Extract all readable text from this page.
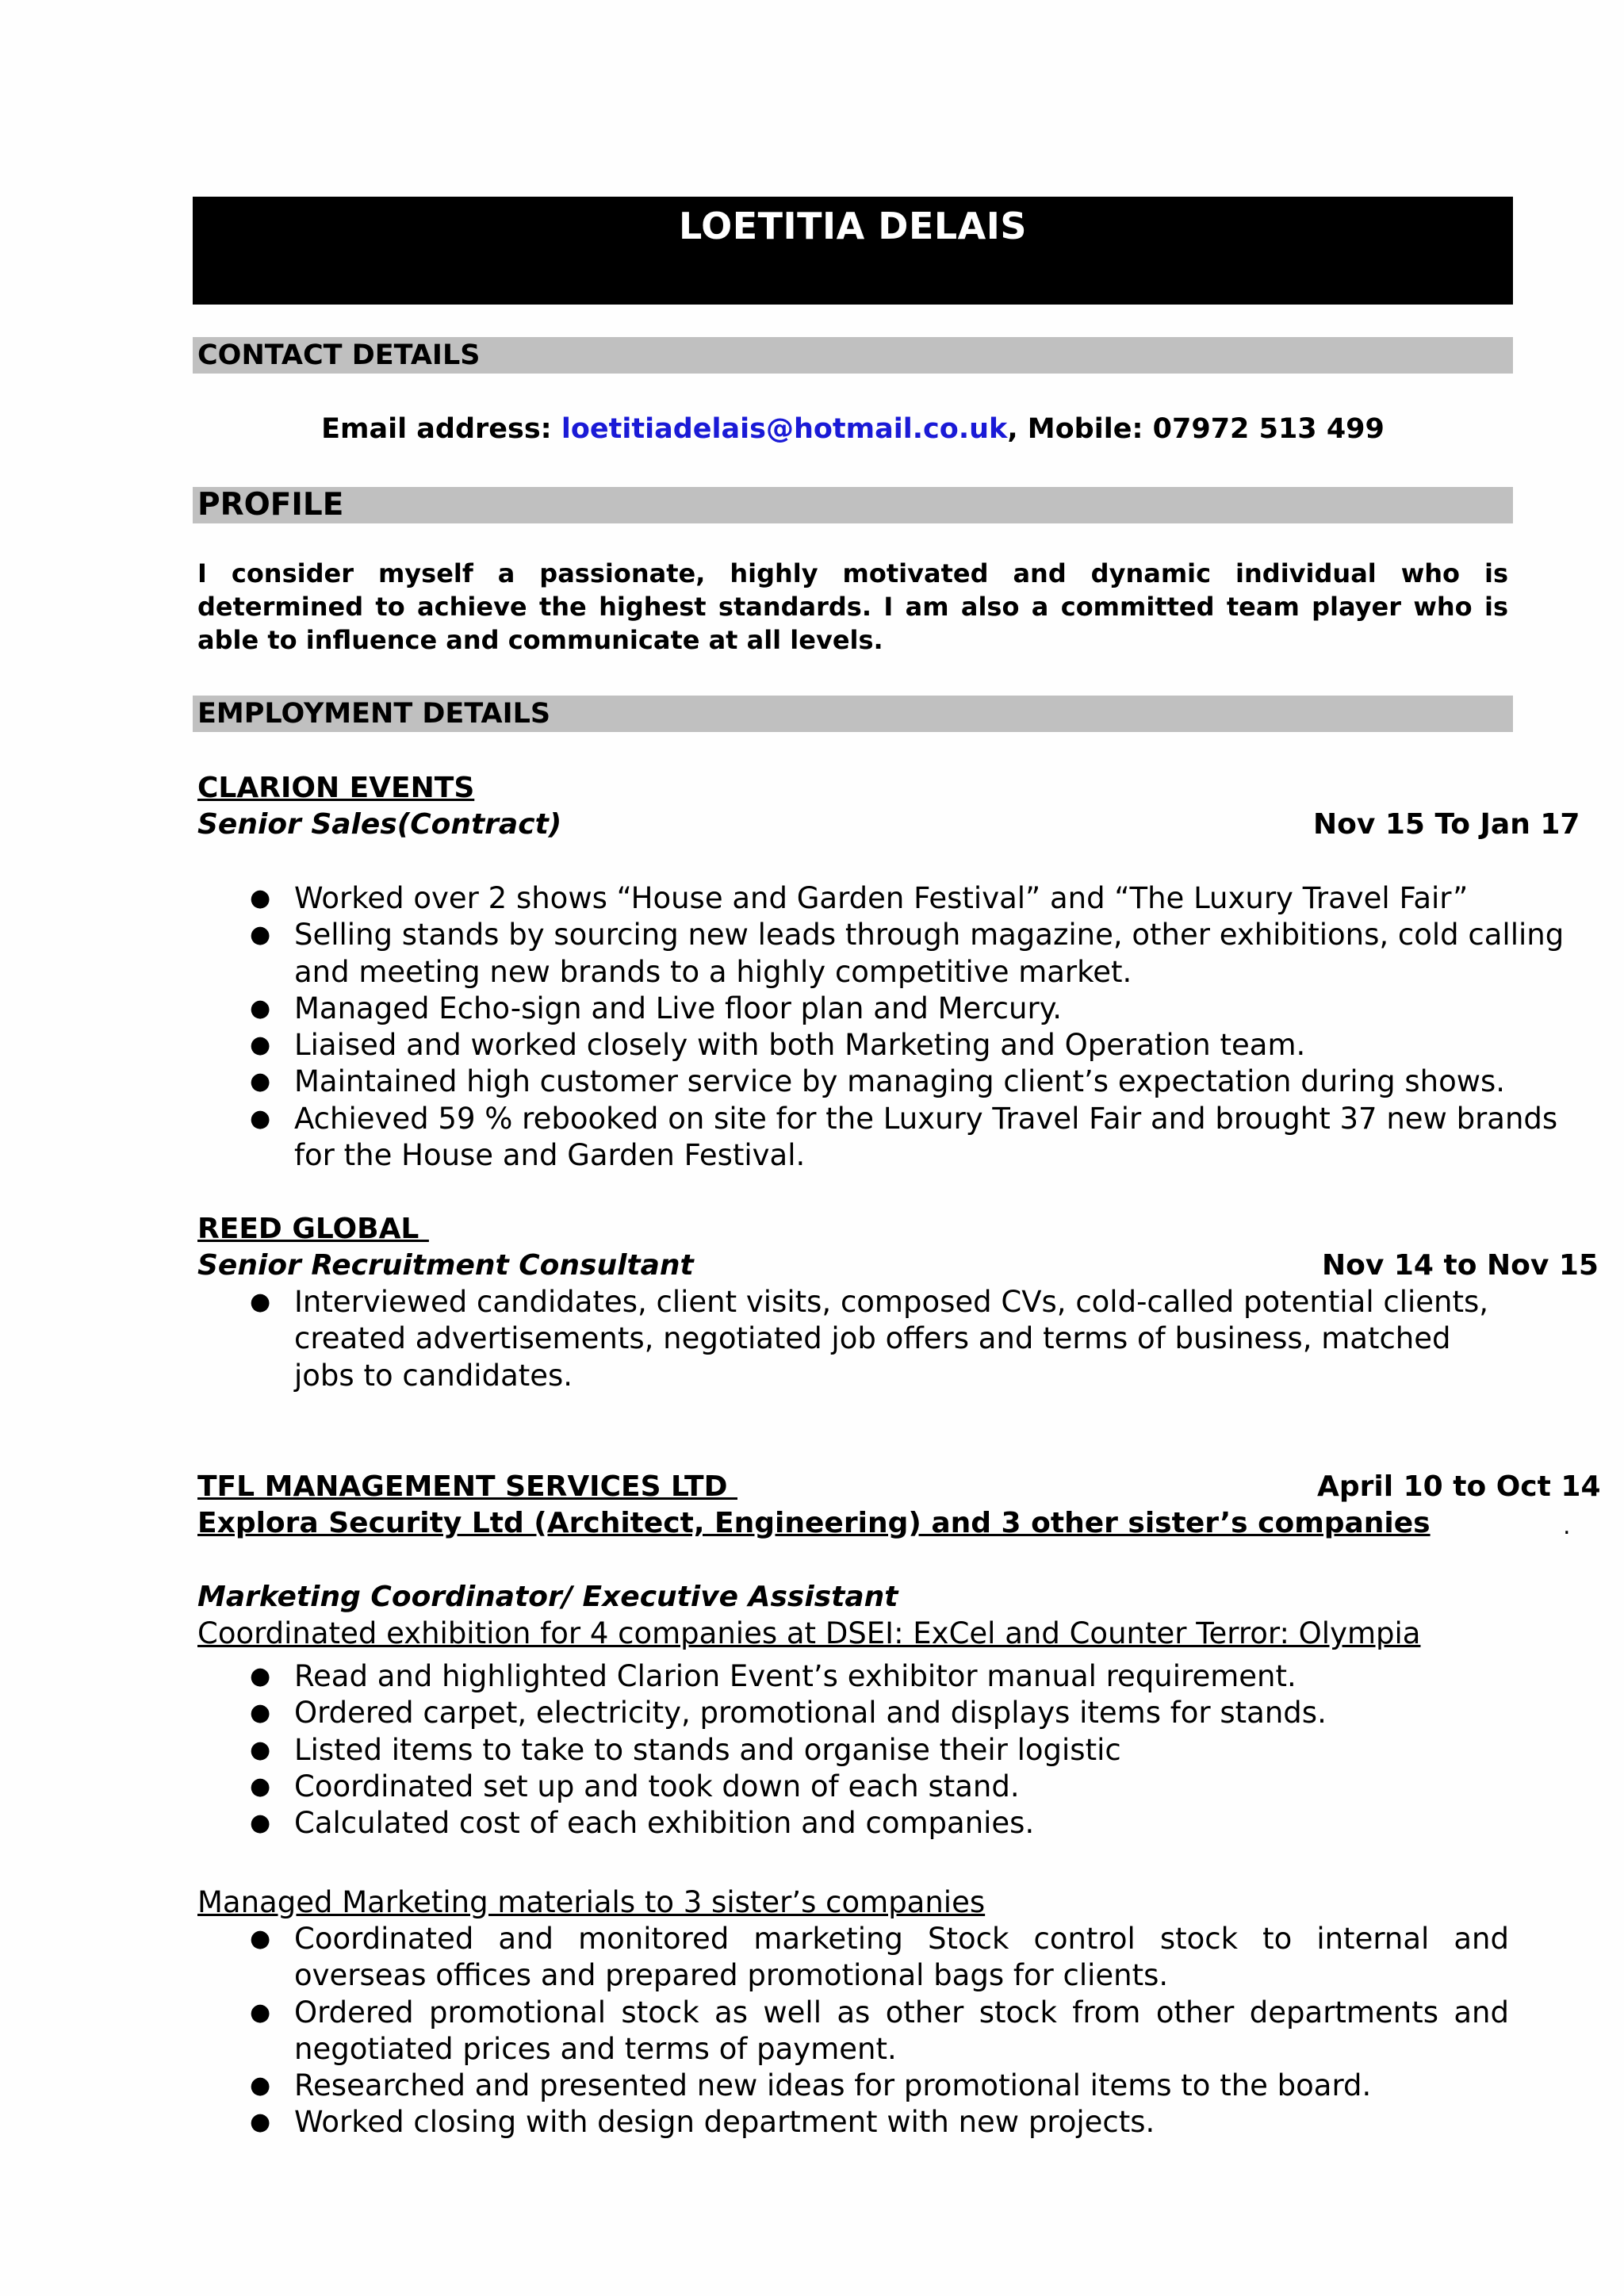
LOETITIA DELAIS
CONTACT DETAILS
Email address: loetitiadelais@hotmail.co.uk, Mobile: 07972 513 499
PROFILE
I consider myself a passionate, highly motivated and dynamic individual who is determined to achieve the highest standards. I am also a committed team player who is able to influence and communicate at all levels.
EMPLOYMENT DETAILS
CLARION EVENTS
Senior Sales(Contract)	Nov 15 To Jan 17
● Worked over 2 shows “House and Garden Festival” and “The Luxury Travel Fair”
● Selling stands by sourcing new leads through magazine, other exhibitions, cold calling and meeting new brands to a highly competitive market.
● Managed Echo-sign and Live floor plan and Mercury.
● Liaised and worked closely with both Marketing and Operation team.
● Maintained high customer service by managing client’s expectation during shows.
● Achieved 59 % rebooked on site for the Luxury Travel Fair and brought 37 new brands for the House and Garden Festival.
REED GLOBAL
Senior Recruitment Consultant	Nov 14 to Nov 15
● Interviewed candidates, client visits, composed CVs, cold-called potential clients, created advertisements, negotiated job offers and terms of business, matched jobs to candidates.
TFL MANAGEMENT SERVICES LTD	April 10 to Oct 14
Explora Security Ltd (Architect, Engineering) and 3 other sister’s companies	.
Marketing Coordinator/ Executive Assistant
Coordinated exhibition for 4 companies at DSEI: ExCel and Counter Terror: Olympia
● Read and highlighted Clarion Event’s exhibitor manual requirement.
● Ordered carpet, electricity, promotional and displays items for stands.
● Listed items to take to stands and organise their logistic
● Coordinated set up and took down of each stand.
● Calculated cost of each exhibition and companies.
Managed Marketing materials to 3 sister’s companies
● Coordinated and monitored marketing Stock control stock to internal and overseas offices and prepared promotional bags for clients.
● Ordered promotional stock as well as other stock from other departments and negotiated prices and terms of payment.
● Researched and presented new ideas for promotional items to the board.
● Worked closing with design department with new projects.
